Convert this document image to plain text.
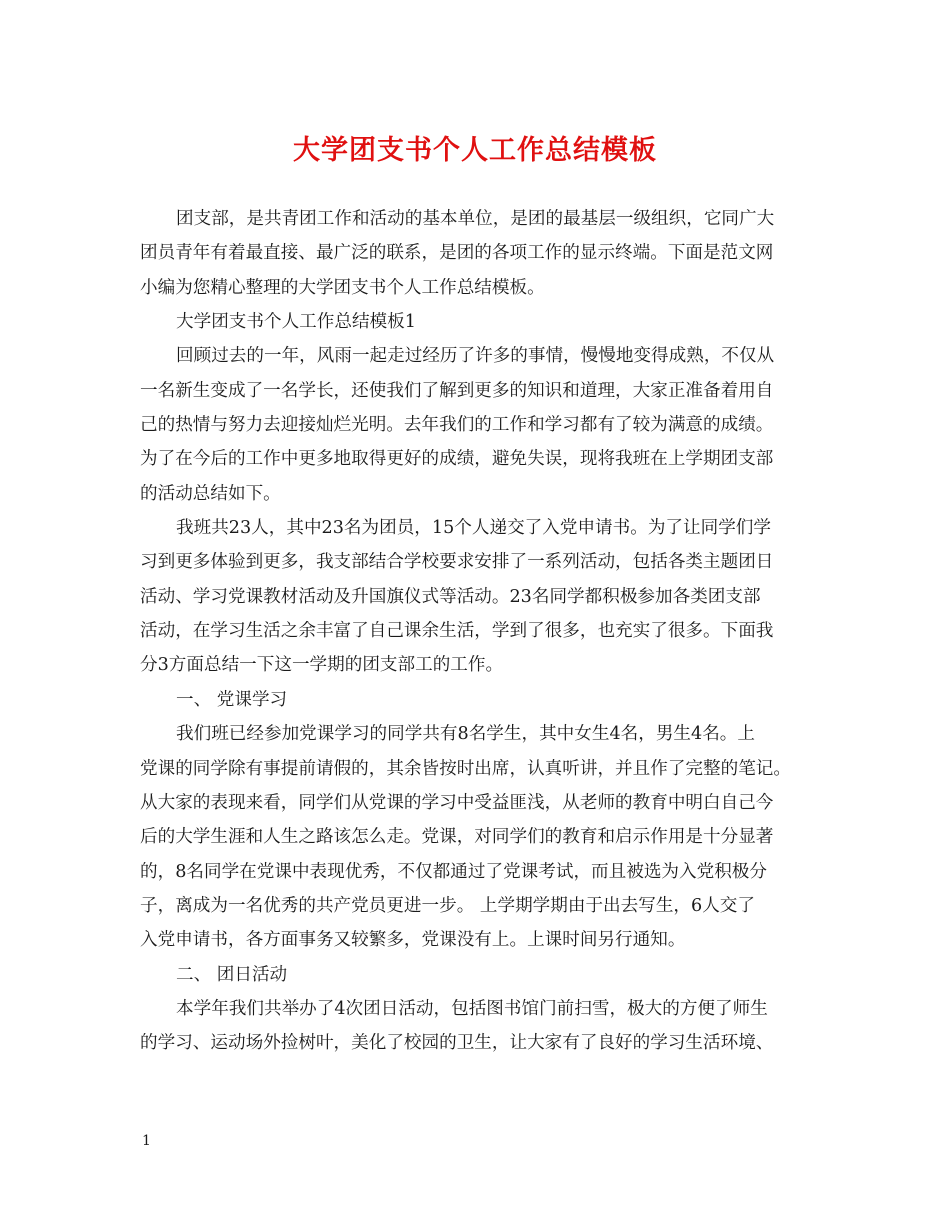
大学团支书个人工作总结模板
团支部，是共青团工作和活动的基本单位，是团的最基层一级组织，它同广大
团员青年有着最直接、最广泛的联系，是团的各项工作的显示终端。下面是范文网
小编为您精心整理的大学团支书个人工作总结模板。
大学团支书个人工作总结模板1
回顾过去的一年，风雨一起走过经历了许多的事情，慢慢地变得成熟，不仅从
一名新生变成了一名学长，还使我们了解到更多的知识和道理，大家正准备着用自
己的热情与努力去迎接灿烂光明。去年我们的工作和学习都有了较为满意的成绩。
为了在今后的工作中更多地取得更好的成绩，避免失误，现将我班在上学期团支部
的活动总结如下。
我班共23人，其中23名为团员，15个人递交了入党申请书。为了让同学们学
习到更多体验到更多，我支部结合学校要求安排了一系列活动，包括各类主题团日
活动、学习党课教材活动及升国旗仪式等活动。23名同学都积极参加各类团支部
活动，在学习生活之余丰富了自己课余生活，学到了很多，也充实了很多。下面我
分3方面总结一下这一学期的团支部工的工作。
一、 党课学习
我们班已经参加党课学习的同学共有8名学生，其中女生4名，男生4名。上
党课的同学除有事提前请假的，其余皆按时出席，认真听讲，并且作了完整的笔记。
从大家的表现来看，同学们从党课的学习中受益匪浅，从老师的教育中明白自己今
后的大学生涯和人生之路该怎么走。党课，对同学们的教育和启示作用是十分显著
的，8名同学在党课中表现优秀，不仅都通过了党课考试，而且被选为入党积极分
子，离成为一名优秀的共产党员更进一步。 上学期学期由于出去写生，6人交了
入党申请书，各方面事务又较繁多，党课没有上。上课时间另行通知。
二、 团日活动
本学年我们共举办了4次团日活动，包括图书馆门前扫雪，极大的方便了师生
的学习、运动场外捡树叶，美化了校园的卫生，让大家有了良好的学习生活环境、
1
